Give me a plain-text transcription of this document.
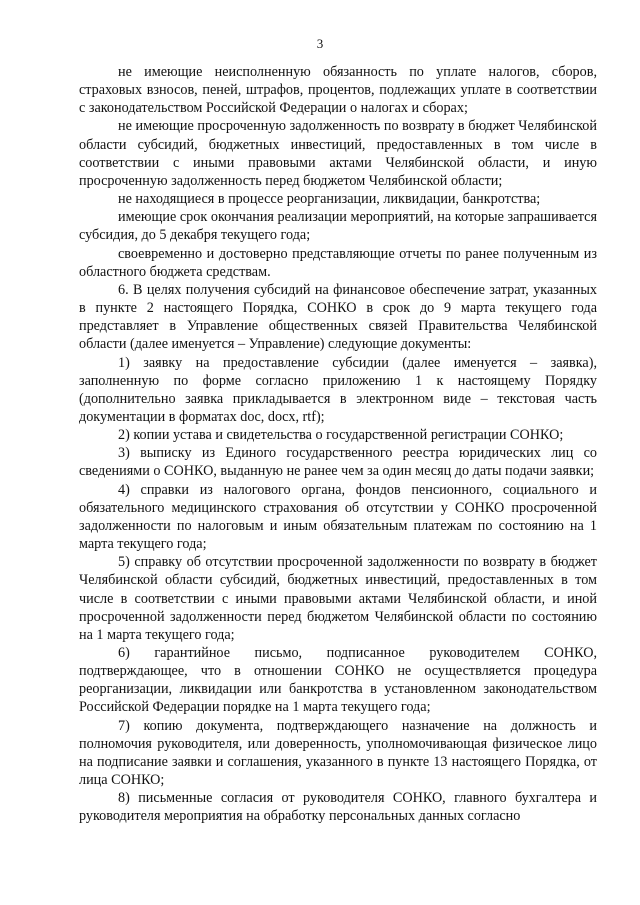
3

не имеющие неисполненную обязанность по уплате налогов, сборов, страховых взносов, пеней, штрафов, процентов, подлежащих уплате в соответствии с законодательством Российской Федерации о налогах и сборах;

не имеющие просроченную задолженность по возврату в бюджет Челябинской области субсидий, бюджетных инвестиций, предоставленных в том числе в соответствии с иными правовыми актами Челябинской области, и иную просроченную задолженность перед бюджетом Челябинской области;

не находящиеся в процессе реорганизации, ликвидации, банкротства;

имеющие срок окончания реализации мероприятий, на которые запрашивается субсидия, до 5 декабря текущего года;

своевременно и достоверно представляющие отчеты по ранее полученным из областного бюджета средствам.

6. В целях получения субсидий на финансовое обеспечение затрат, указанных в пункте 2 настоящего Порядка, СОНКО в срок до 9 марта текущего года представляет в Управление общественных связей Правительства Челябинской области (далее именуется – Управление) следующие документы:

1) заявку на предоставление субсидии (далее именуется – заявка), заполненную по форме согласно приложению 1 к настоящему Порядку (дополнительно заявка прикладывается в электронном виде – текстовая часть документации в форматах doc, docx, rtf);

2) копии устава и свидетельства о государственной регистрации СОНКО;

3) выписку из Единого государственного реестра юридических лиц со сведениями о СОНКО, выданную не ранее чем за один месяц до даты подачи заявки;

4) справки из налогового органа, фондов пенсионного, социального и обязательного медицинского страхования об отсутствии у СОНКО просроченной задолженности по налоговым и иным обязательным платежам по состоянию на 1 марта текущего года;

5) справку об отсутствии просроченной задолженности по возврату в бюджет Челябинской области субсидий, бюджетных инвестиций, предоставленных в том числе в соответствии с иными правовыми актами Челябинской области, и иной просроченной задолженности перед бюджетом Челябинской области по состоянию на 1 марта текущего года;

6) гарантийное письмо, подписанное руководителем СОНКО, подтверждающее, что в отношении СОНКО не осуществляется процедура реорганизации, ликвидации или банкротства в установленном законодательством Российской Федерации порядке на 1 марта текущего года;

7) копию документа, подтверждающего назначение на должность и полномочия руководителя, или доверенность, уполномочивающая физическое лицо на подписание заявки и соглашения, указанного в пункте 13 настоящего Порядка, от лица СОНКО;

8) письменные согласия от руководителя СОНКО, главного бухгалтера и руководителя мероприятия на обработку персональных данных согласно
